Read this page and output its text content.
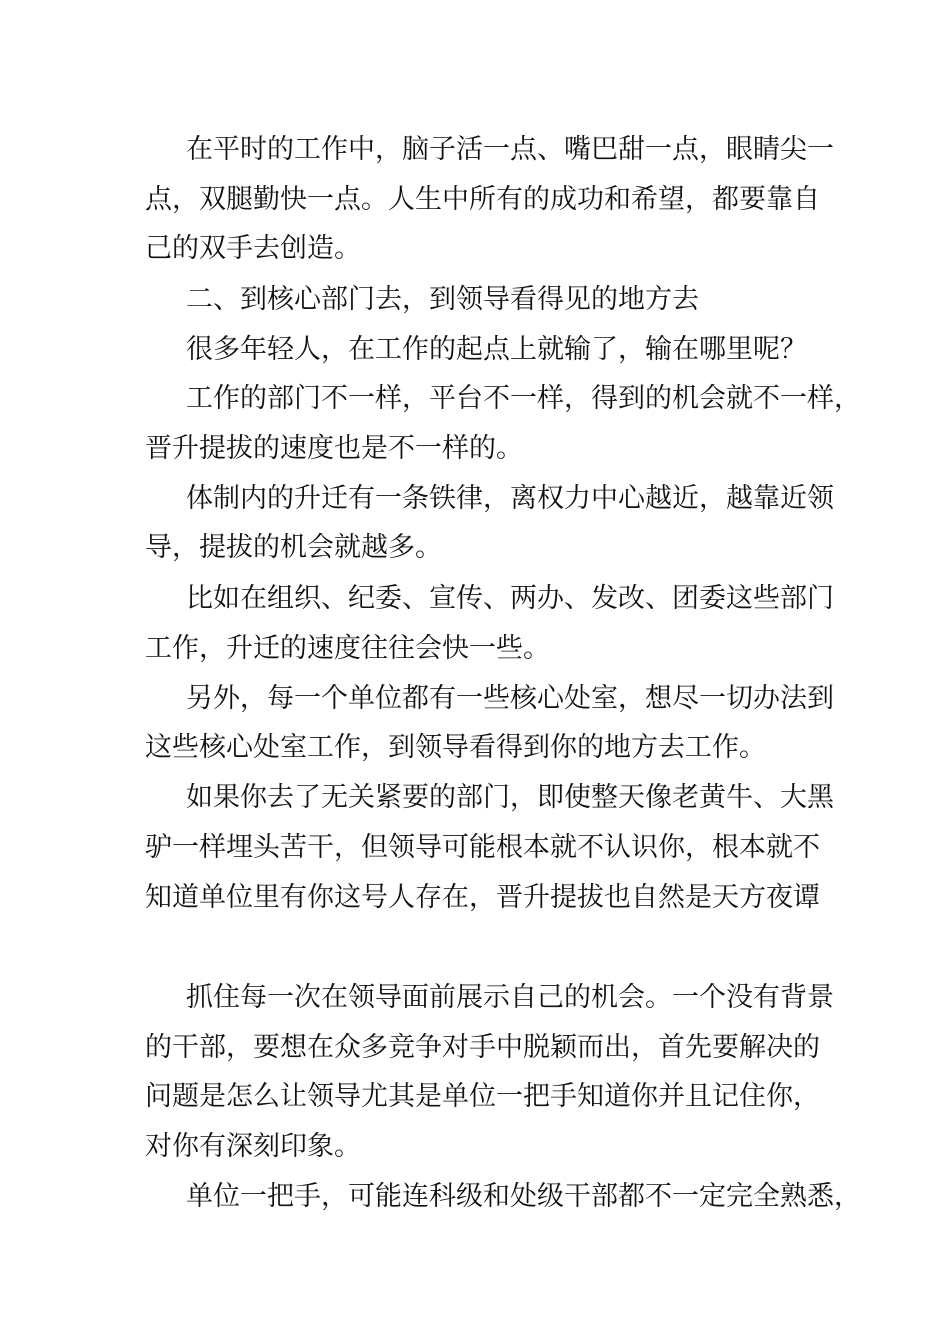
在平时的工作中，脑子活一点、嘴巴甜一点，眼睛尖一
点，双腿勤快一点。人生中所有的成功和希望，都要靠自
己的双手去创造。
二、到核心部门去，到领导看得见的地方去
很多年轻人，在工作的起点上就输了，输在哪里呢？
工作的部门不一样，平台不一样，得到的机会就不一样，
晋升提拔的速度也是不一样的。
体制内的升迁有一条铁律，离权力中心越近，越靠近领
导，提拔的机会就越多。
比如在组织、纪委、宣传、两办、发改、团委这些部门
工作，升迁的速度往往会快一些。
另外，每一个单位都有一些核心处室，想尽一切办法到
这些核心处室工作，到领导看得到你的地方去工作。
如果你去了无关紧要的部门，即使整天像老黄牛、大黑
驴一样埋头苦干，但领导可能根本就不认识你，根本就不
知道单位里有你这号人存在，晋升提拔也自然是天方夜谭
抓住每一次在领导面前展示自己的机会。一个没有背景
的干部，要想在众多竞争对手中脱颖而出，首先要解决的
问题是怎么让领导尤其是单位一把手知道你并且记住你，
对你有深刻印象。
单位一把手，可能连科级和处级干部都不一定完全熟悉，
